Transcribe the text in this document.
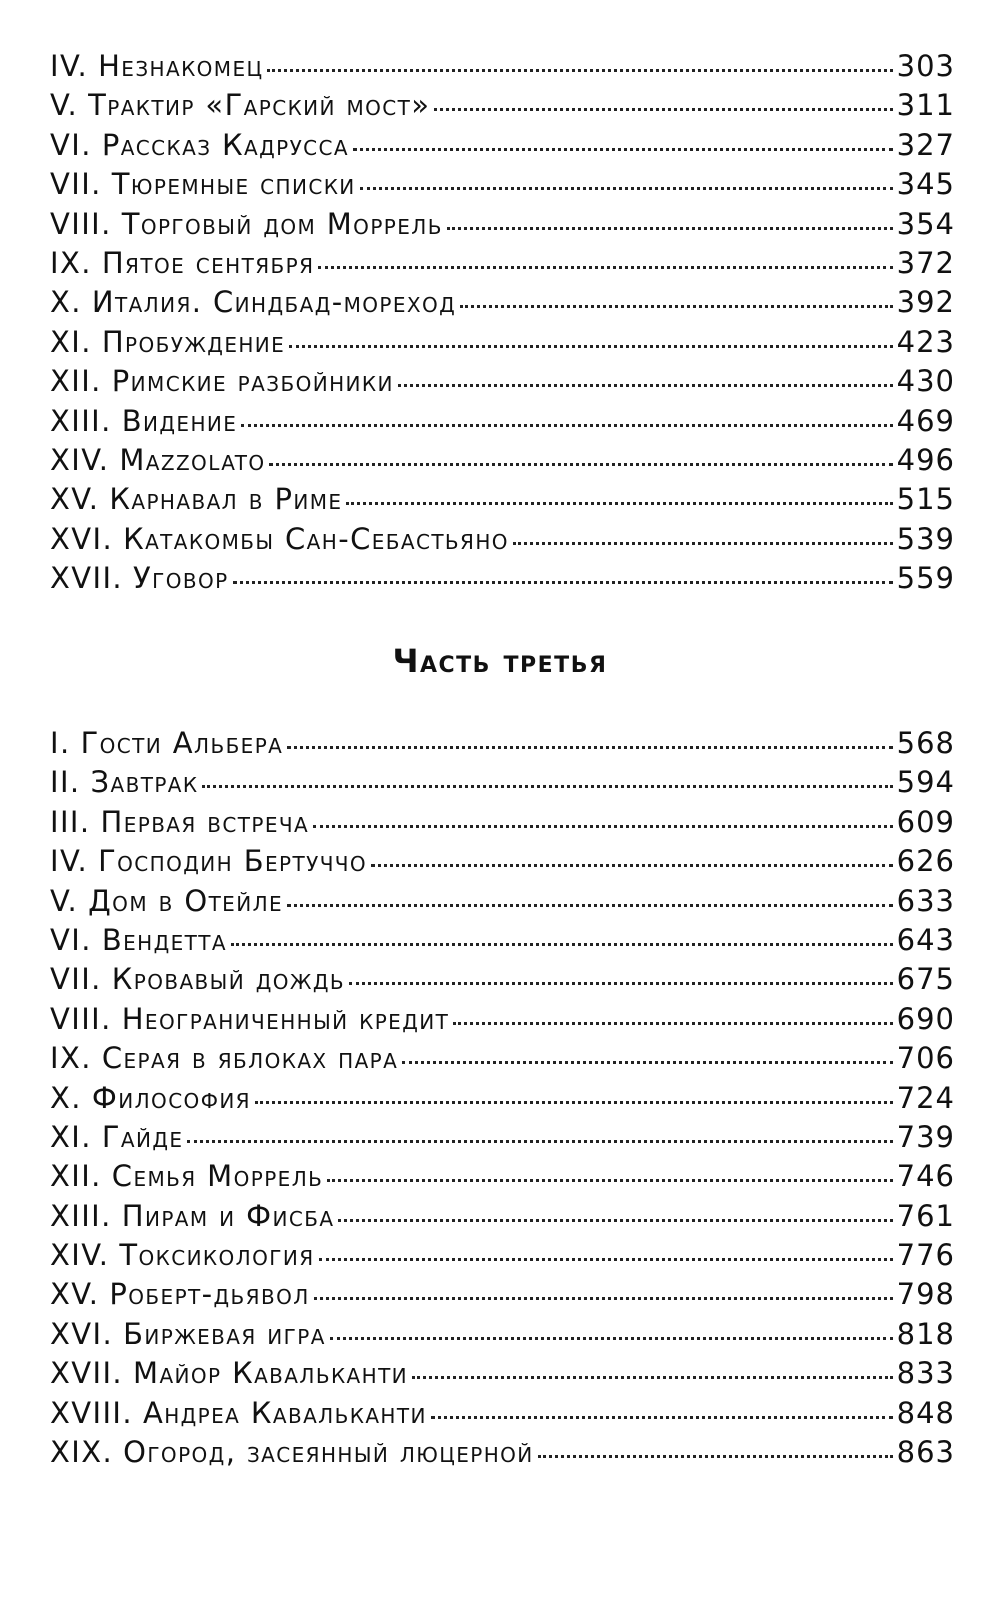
IV. Незнакомец	303
V. Трактир «Гарский мост»	311
VI. Рассказ Кадрусса	327
VII. Тюремные списки	345
VIII. Торговый дом Моррель	354
IX. Пятое сентября	372
X. Италия. Синдбад-мореход	392
XI. Пробуждение	423
XII. Римские разбойники	430
XIII. Видение	469
XIV. Mazzolato	496
XV. Карнавал в Риме	515
XVI. Катакомбы Сан-Себастьяно	539
XVII. Уговор	559
Часть третья
I. Гости Альбера	568
II. Завтрак	594
III. Первая встреча	609
IV. Господин Бертуччо	626
V. Дом в Отейле	633
VI. Вендетта	643
VII. Кровавый дождь	675
VIII. Неограниченный кредит	690
IX. Серая в яблоках пара	706
X. Философия	724
XI. Гайде	739
XII. Семья Моррель	746
XIII. Пирам и Фисба	761
XIV. Токсикология	776
XV. Роберт-дьявол	798
XVI. Биржевая игра	818
XVII. Майор Кавальканти	833
XVIII. Андреа Кавальканти	848
XIX. Огород, засеянный люцерной	863
